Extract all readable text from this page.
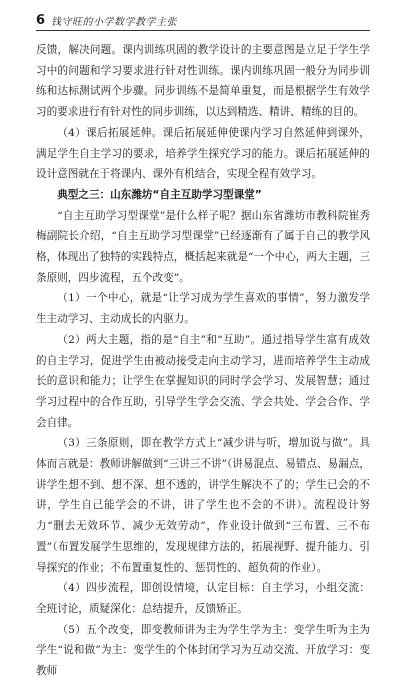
6 钱守旺的小学数学教学主张

反馈，解决问题。课内训练巩固的教学设计的主要意图是立足于学生学习中的问题和学习要求进行针对性训练。课内训练巩固一般分为同步训练和达标测试两个步骤。同步训练不是简单重复，而是根据学生有效学习的要求进行有针对性的同步训练，以达到精选、精讲、精练的目的。

（4）课后拓展延伸。课后拓展延伸使课内学习自然延伸到课外，满足学生自主学习的要求，培养学生探究学习的能力。课后拓展延伸的设计意图就在于将课内、课外有机结合，实现全程有效学习。

典型之三：山东潍坊“自主互助学习型课堂”

“自主互助学习型课堂”是什么样子呢？据山东省潍坊市教科院崔秀梅副院长介绍，“自主互助学习型课堂”已经逐渐有了属于自己的教学风格，体现出了独特的实践特点，概括起来就是“一个中心，两大主题，三条原则，四步流程，五个改变”。

（1）一个中心，就是“让学习成为学生喜欢的事情”，努力激发学生主动学习、主动成长的内驱力。

（2）两大主题，指的是“自主”和“互助”。通过指导学生富有成效的自主学习，促进学生由被动接受走向主动学习，进而培养学生主动成长的意识和能力；让学生在掌握知识的同时学会学习、发展智慧；通过学习过程中的合作互助，引导学生学会交流、学会共处、学会合作、学会自律。

（3）三条原则，即在教学方式上“减少讲与听，增加说与做”。具体而言就是：教师讲解做到“三讲三不讲”（讲易混点、易错点、易漏点，讲学生想不到、想不深、想不透的，讲学生解决不了的；学生已会的不讲，学生自己能学会的不讲，讲了学生也不会的不讲）。流程设计努力“删去无效环节、减少无效劳动”，作业设计做到“三布置、三不布置”（布置发展学生思维的，发现规律方法的，拓展视野、提升能力、引导探究的作业；不布置重复性的、惩罚性的、超负荷的作业）。

（4）四步流程，即创设情境，认定目标：自主学习，小组交流：全班讨论，质疑深化：总结提升，反馈矫正。

（5）五个改变，即变教师讲为主为学生学为主：变学生听为主为学生“说和做”为主：变学生的个体封闭学习为互动交流、开放学习：变教师
